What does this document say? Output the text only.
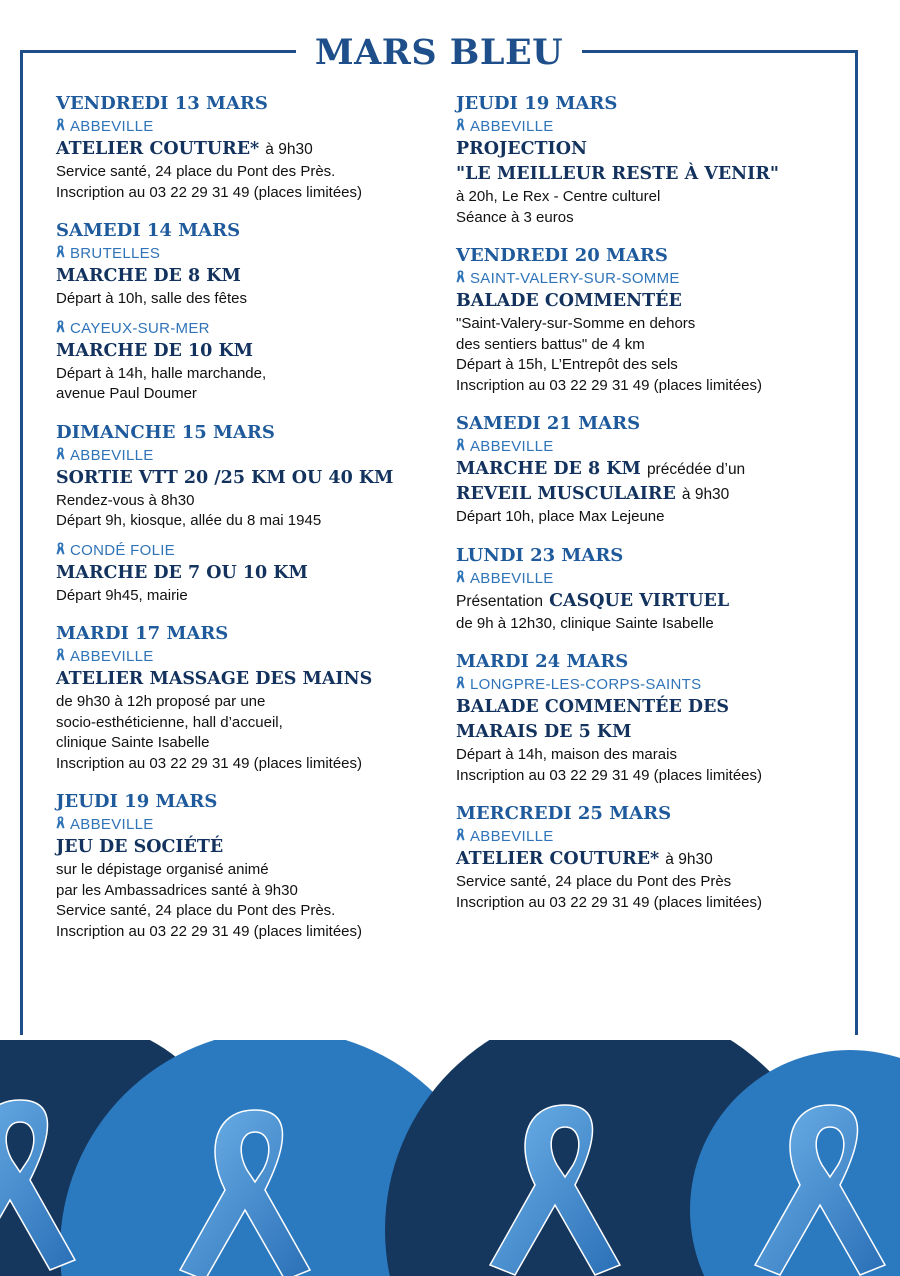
MARS BLEU
VENDREDI 13 MARS
ABBEVILLE
ATELIER COUTURE* à 9h30
Service santé, 24 place du Pont des Près.
Inscription au 03 22 29 31 49 (places limitées)
SAMEDI 14 MARS
BRUTELLES
MARCHE DE 8 KM
Départ à 10h, salle des fêtes
CAYEUX-SUR-MER
MARCHE DE 10 KM
Départ à 14h, halle marchande,
avenue Paul Doumer
DIMANCHE 15 MARS
ABBEVILLE
SORTIE VTT 20 /25 KM OU 40 KM
Rendez-vous à 8h30
Départ 9h, kiosque, allée du 8 mai 1945
CONDÉ FOLIE
MARCHE DE 7 OU 10 KM
Départ 9h45, mairie
MARDI 17 MARS
ABBEVILLE
ATELIER MASSAGE DES MAINS
de 9h30 à 12h proposé par une
socio-esthéticienne, hall d’accueil,
clinique Sainte Isabelle
Inscription au 03 22 29 31 49 (places limitées)
JEUDI 19 MARS
ABBEVILLE
JEU DE SOCIÉTÉ
sur le dépistage organisé animé
par les Ambassadrices santé à 9h30
Service santé, 24 place du Pont des Près.
Inscription au 03 22 29 31 49 (places limitées)
JEUDI 19 MARS
ABBEVILLE
PROJECTION
"LE MEILLEUR RESTE À VENIR"
à 20h, Le Rex - Centre culturel
Séance à 3 euros
VENDREDI 20 MARS
SAINT-VALERY-SUR-SOMME
BALADE COMMENTÉE
"Saint-Valery-sur-Somme en dehors
des sentiers battus" de 4 km
Départ à 15h, L’Entrepôt des sels
Inscription au 03 22 29 31 49 (places limitées)
SAMEDI 21 MARS
ABBEVILLE
MARCHE DE 8 KM précédée d’un
REVEIL MUSCULAIRE à 9h30
Départ 10h, place Max Lejeune
LUNDI 23 MARS
ABBEVILLE
Présentation CASQUE VIRTUEL
de 9h à 12h30, clinique Sainte Isabelle
MARDI 24 MARS
LONGPRE-LES-CORPS-SAINTS
BALADE COMMENTÉE DES
MARAIS DE 5 KM
Départ à 14h, maison des marais
Inscription au 03 22 29 31 49 (places limitées)
MERCREDI 25 MARS
ABBEVILLE
ATELIER COUTURE* à 9h30
Service santé, 24 place du Pont des Près
Inscription au 03 22 29 31 49 (places limitées)
